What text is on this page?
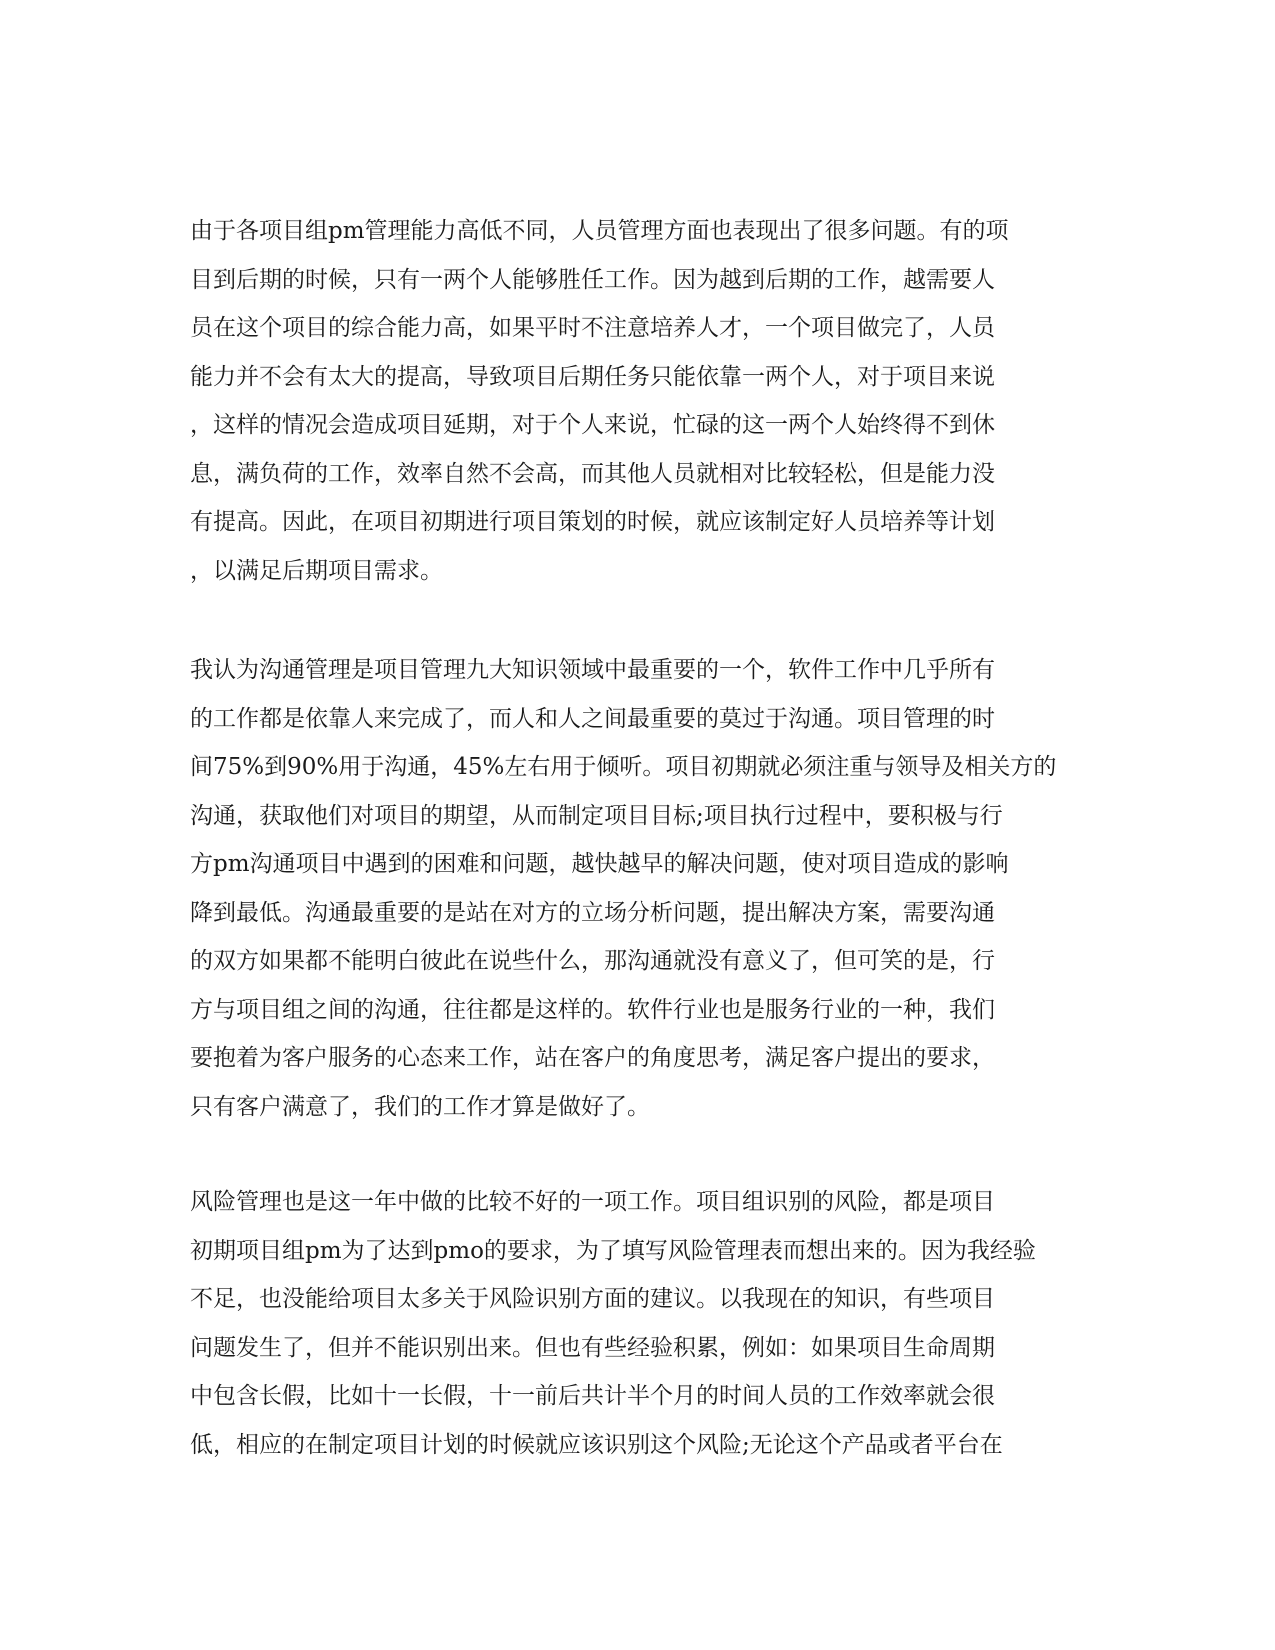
由于各项目组pm管理能力高低不同，人员管理方面也表现出了很多问题。有的项
目到后期的时候，只有一两个人能够胜任工作。因为越到后期的工作，越需要人
员在这个项目的综合能力高，如果平时不注意培养人才，一个项目做完了，人员
能力并不会有太大的提高，导致项目后期任务只能依靠一两个人，对于项目来说
，这样的情况会造成项目延期，对于个人来说，忙碌的这一两个人始终得不到休
息，满负荷的工作，效率自然不会高，而其他人员就相对比较轻松，但是能力没
有提高。因此，在项目初期进行项目策划的时候，就应该制定好人员培养等计划
，以满足后期项目需求。
我认为沟通管理是项目管理九大知识领域中最重要的一个，软件工作中几乎所有
的工作都是依靠人来完成了，而人和人之间最重要的莫过于沟通。项目管理的时
间75%到90%用于沟通，45%左右用于倾听。项目初期就必须注重与领导及相关方的
沟通，获取他们对项目的期望，从而制定项目目标;项目执行过程中，要积极与行
方pm沟通项目中遇到的困难和问题，越快越早的解决问题，使对项目造成的影响
降到最低。沟通最重要的是站在对方的立场分析问题，提出解决方案，需要沟通
的双方如果都不能明白彼此在说些什么，那沟通就没有意义了，但可笑的是，行
方与项目组之间的沟通，往往都是这样的。软件行业也是服务行业的一种，我们
要抱着为客户服务的心态来工作，站在客户的角度思考，满足客户提出的要求，
只有客户满意了，我们的工作才算是做好了。
风险管理也是这一年中做的比较不好的一项工作。项目组识别的风险，都是项目
初期项目组pm为了达到pmo的要求，为了填写风险管理表而想出来的。因为我经验
不足，也没能给项目太多关于风险识别方面的建议。以我现在的知识，有些项目
问题发生了，但并不能识别出来。但也有些经验积累，例如：如果项目生命周期
中包含长假，比如十一长假，十一前后共计半个月的时间人员的工作效率就会很
低，相应的在制定项目计划的时候就应该识别这个风险;无论这个产品或者平台在
